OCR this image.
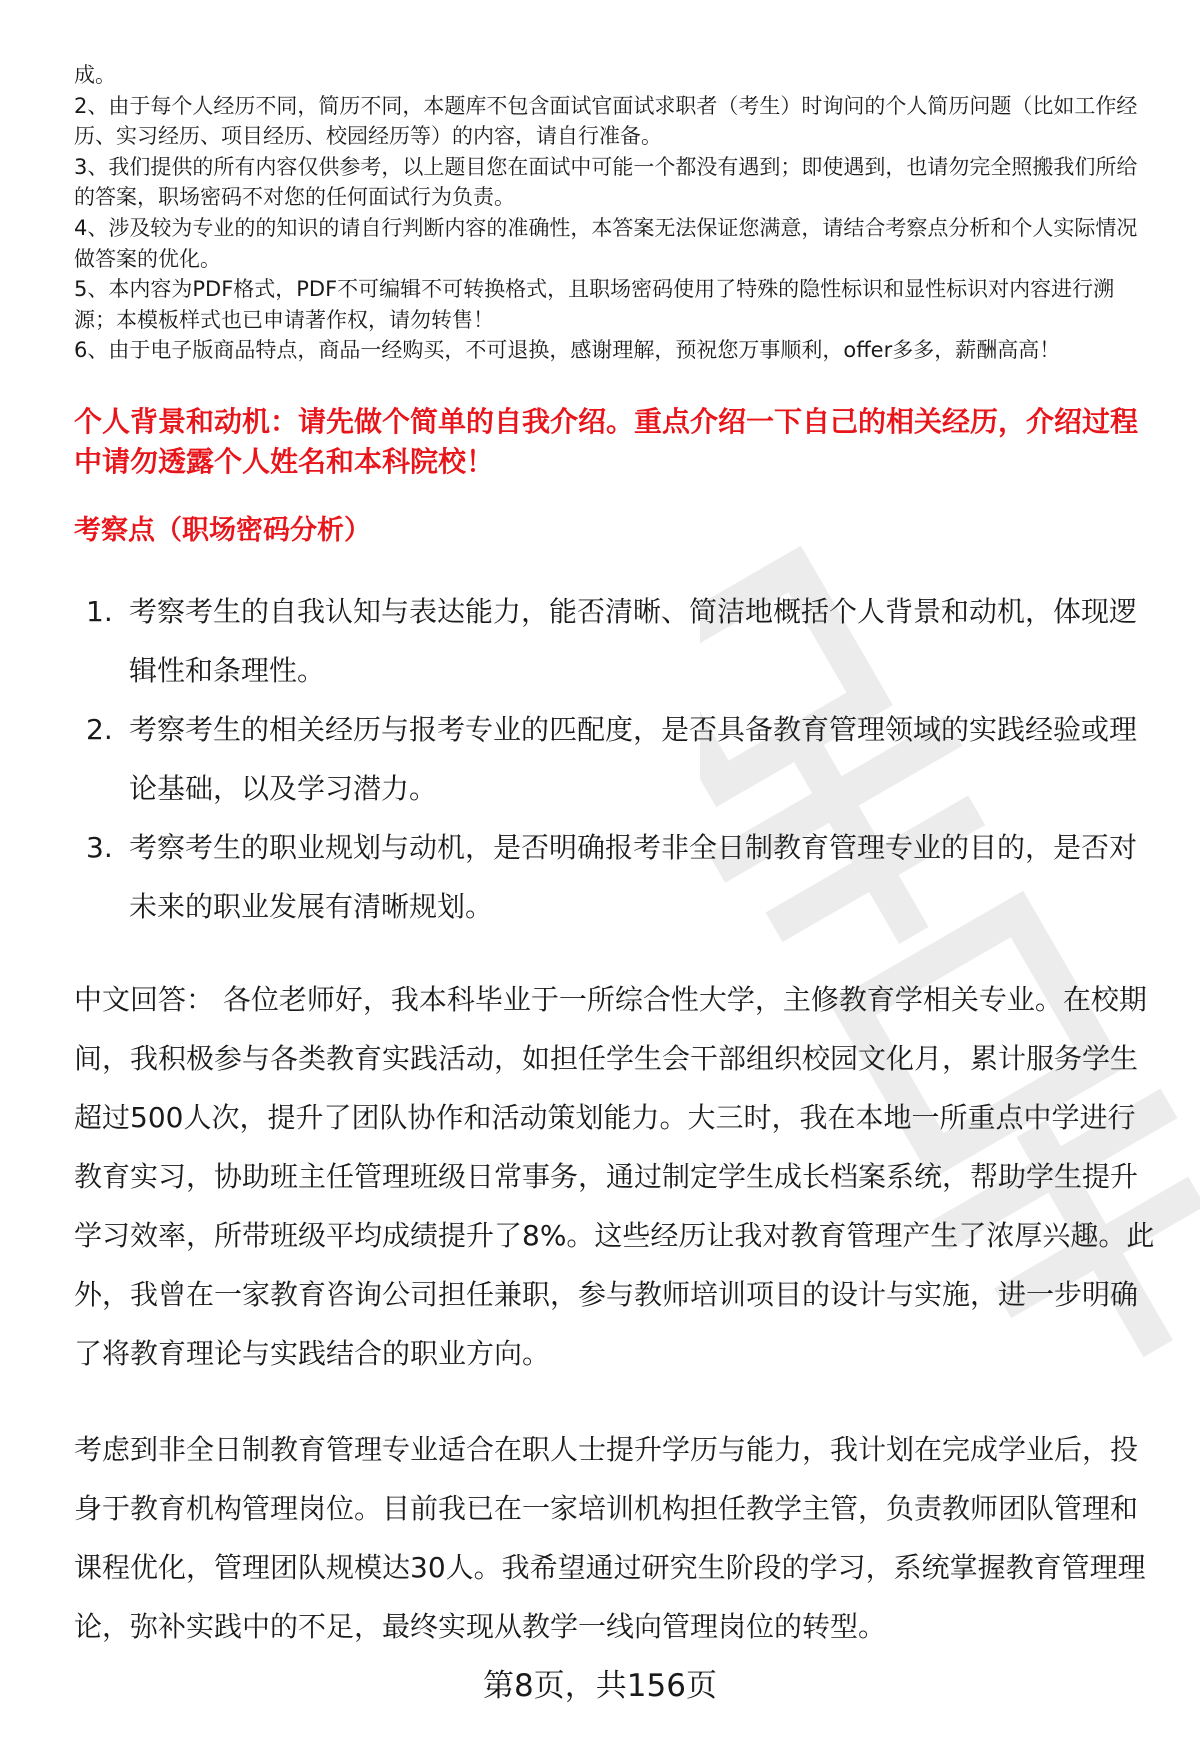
成。

2、由于每个人经历不同，简历不同，本题库不包含面试官面试求职者（考生）时询问的个人简历问题（比如工作经历、实习经历、项目经历、校园经历等）的内容，请自行准备。

3、我们提供的所有内容仅供参考，以上题目您在面试中可能一个都没有遇到；即使遇到，也请勿完全照搬我们所给的答案，职场密码不对您的任何面试行为负责。

4、涉及较为专业的的知识的请自行判断内容的准确性，本答案无法保证您满意，请结合考察点分析和个人实际情况做答案的优化。

5、本内容为PDF格式，PDF不可编辑不可转换格式，且职场密码使用了特殊的隐性标识和显性标识对内容进行溯源；本模板样式也已申请著作权，请勿转售！

6、由于电子版商品特点，商品一经购买，不可退换，感谢理解，预祝您万事顺利，offer多多，薪酬高高！

个人背景和动机：请先做个简单的自我介绍。重点介绍一下自己的相关经历，介绍过程中请勿透露个人姓名和本科院校！
考察点（职场密码分析）
1. 考察考生的自我认知与表达能力，能否清晰、简洁地概括个人背景和动机，体现逻辑性和条理性。
2. 考察考生的相关经历与报考专业的匹配度，是否具备教育管理领域的实践经验或理论基础，以及学习潜力。
3. 考察考生的职业规划与动机，是否明确报考非全日制教育管理专业的目的，是否对未来的职业发展有清晰规划。

中文回答： 各位老师好，我本科毕业于一所综合性大学，主修教育学相关专业。在校期间，我积极参与各类教育实践活动，如担任学生会干部组织校园文化月，累计服务学生超过500人次，提升了团队协作和活动策划能力。大三时，我在本地一所重点中学进行教育实习，协助班主任管理班级日常事务，通过制定学生成长档案系统，帮助学生提升学习效率，所带班级平均成绩提升了8%。这些经历让我对教育管理产生了浓厚兴趣。此外，我曾在一家教育咨询公司担任兼职，参与教师培训项目的设计与实施，进一步明确了将教育理论与实践结合的职业方向。

考虑到非全日制教育管理专业适合在职人士提升学历与能力，我计划在完成学业后，投身于教育机构管理岗位。目前我已在一家培训机构担任教学主管，负责教师团队管理和课程优化，管理团队规模达30人。我希望通过研究生阶段的学习，系统掌握教育管理理论，弥补实践中的不足，最终实现从教学一线向管理岗位的转型。

第8页，共156页
